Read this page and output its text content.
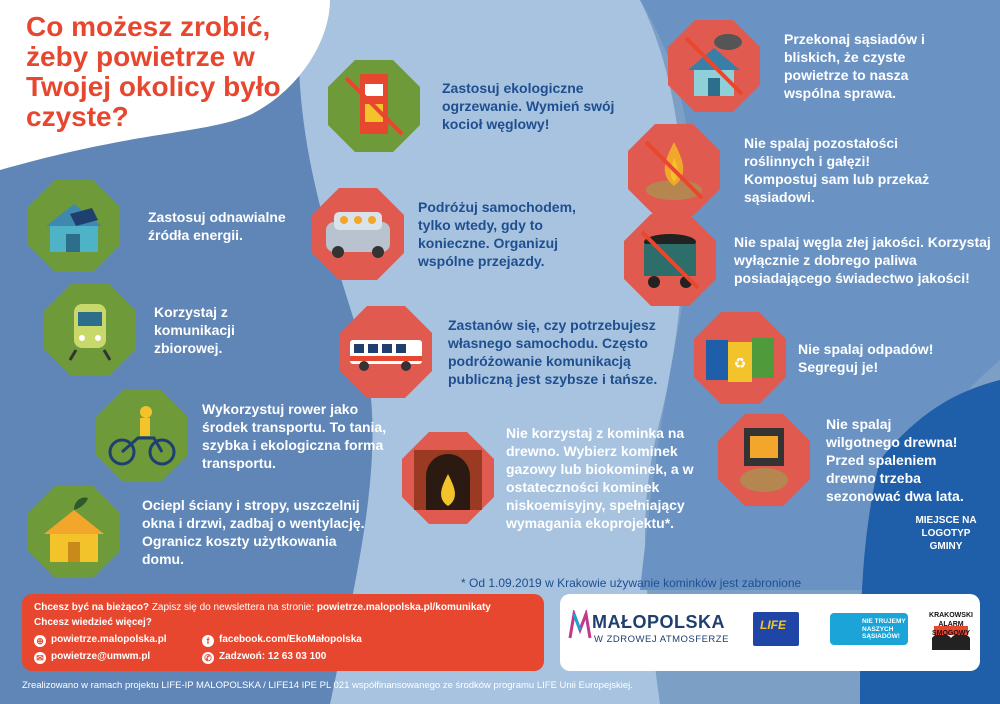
Co możesz zrobić, żeby powietrze w Twojej okolicy było czyste?
Zastosuj odnawialne źródła energii.
Korzystaj z komunikacji zbiorowej.
Wykorzystuj rower jako środek transportu. To tania, szybka i ekologiczna forma transportu.
Ociepl ściany i stropy, uszczelnij okna i drzwi, zadbaj o wentylację. Ogranicz koszty użytkowania domu.
Zastosuj ekologiczne ogrzewanie. Wymień swój kocioł węglowy!
Podróżuj samochodem, tylko wtedy, gdy to konieczne. Organizuj wspólne przejazdy.
Zastanów się, czy potrzebujesz własnego samochodu. Często podróżowanie komunikacją publiczną jest szybsze i tańsze.
Nie korzystaj z kominka na drewno. Wybierz kominek gazowy lub biokominek, a w ostateczności kominek niskoemisyjny, spełniający wymagania ekoprojektu*.
Przekonaj sąsiadów i bliskich, że czyste powietrze to nasza wspólna sprawa.
Nie spalaj pozostałości roślinnych i gałęzi! Kompostuj sam lub przekaż sąsiadowi.
Nie spalaj węgla złej jakości. Korzystaj wyłącznie z dobrego paliwa posiadającego świadectwo jakości!
♻
Nie spalaj odpadów! Segreguj je!
Nie spalaj wilgotnego drewna! Przed spaleniem drewno trzeba sezonować dwa lata.
MIEJSCE NA LOGOTYP GMINY
* Od 1.09.2019 w Krakowie używanie kominków jest zabronione
Chcesz być na bieżąco? Zapisz się do newslettera na stronie: powietrze.malopolska.pl/komunikaty
Chcesz wiedzieć więcej?
⊕ powietrze.malopolska.pl	f facebook.com/EkoMałopolska
✉ powietrze@umwm.pl	✆ Zadzwoń: 12 63 03 100
MAŁOPOLSKA
W ZDROWEJ ATMOSFERZE
LIFE	NIE TRUJEMY NASZYCH SĄSIADÓW!
KRAKOWSKI ALARM SMOGOWY
Zrealizowano w ramach projektu LIFE-IP MALOPOLSKA / LIFE14 IPE PL 021 współfinansowanego ze środków programu LIFE Unii Europejskiej.
